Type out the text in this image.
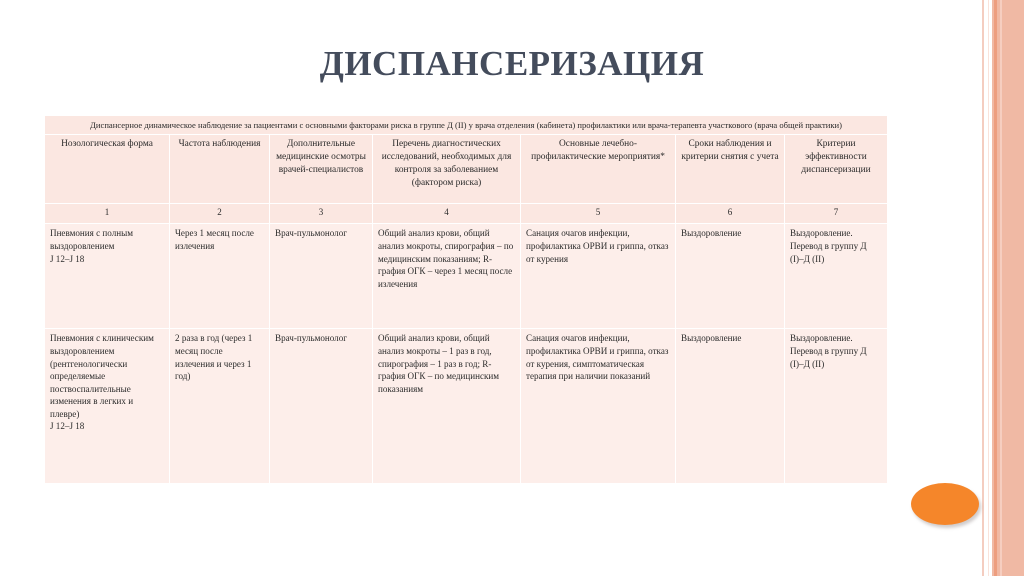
ДИСПАНСЕРИЗАЦИЯ
Диспансерное динамическое наблюдение за пациентами с основными факторами риска в группе Д (II) у врача отделения (кабинета) профилактики или врача-терапевта участкового (врача общей практики)						
Нозологическая форма	Частота наблюдения	Дополнительные медицинские осмотры врачей-специалистов	Перечень диагностических исследований, необходимых для контроля за заболеванием (фактором риска)	Основные лечебно-профилактические мероприятия*	Сроки наблюдения и критерии снятия с учета	Критерии эффективности диспансеризации
1	2	3	4	5	6	7
Пневмония с полным выздоровлением
J 12–J 18	Через 1 месяц после излечения	Врач-пульмонолог	Общий анализ крови, общий анализ мокроты, спирография – по медицинским показаниям; R-графия ОГК – через 1 месяц после излечения	Санация очагов инфекции, профилактика ОРВИ и гриппа, отказ от курения	Выздоровление	Выздоровление. Перевод в группу Д (I)–Д (II)
Пневмония с клиническим выздоровлением (рентгенологически определяемые поствоспалительные изменения в легких и плевре)
J 12–J 18	2 раза в год (через 1 месяц после излечения и через 1 год)	Врач-пульмонолог	Общий анализ крови, общий анализ мокроты – 1 раз в год, спирография – 1 раз в год; R-графия ОГК – по медицинским показаниям	Санация очагов инфекции, профилактика ОРВИ и гриппа, отказ от курения, симптоматическая терапия при наличии показаний	Выздоровление	Выздоровление. Перевод в группу Д (I)–Д (II)
